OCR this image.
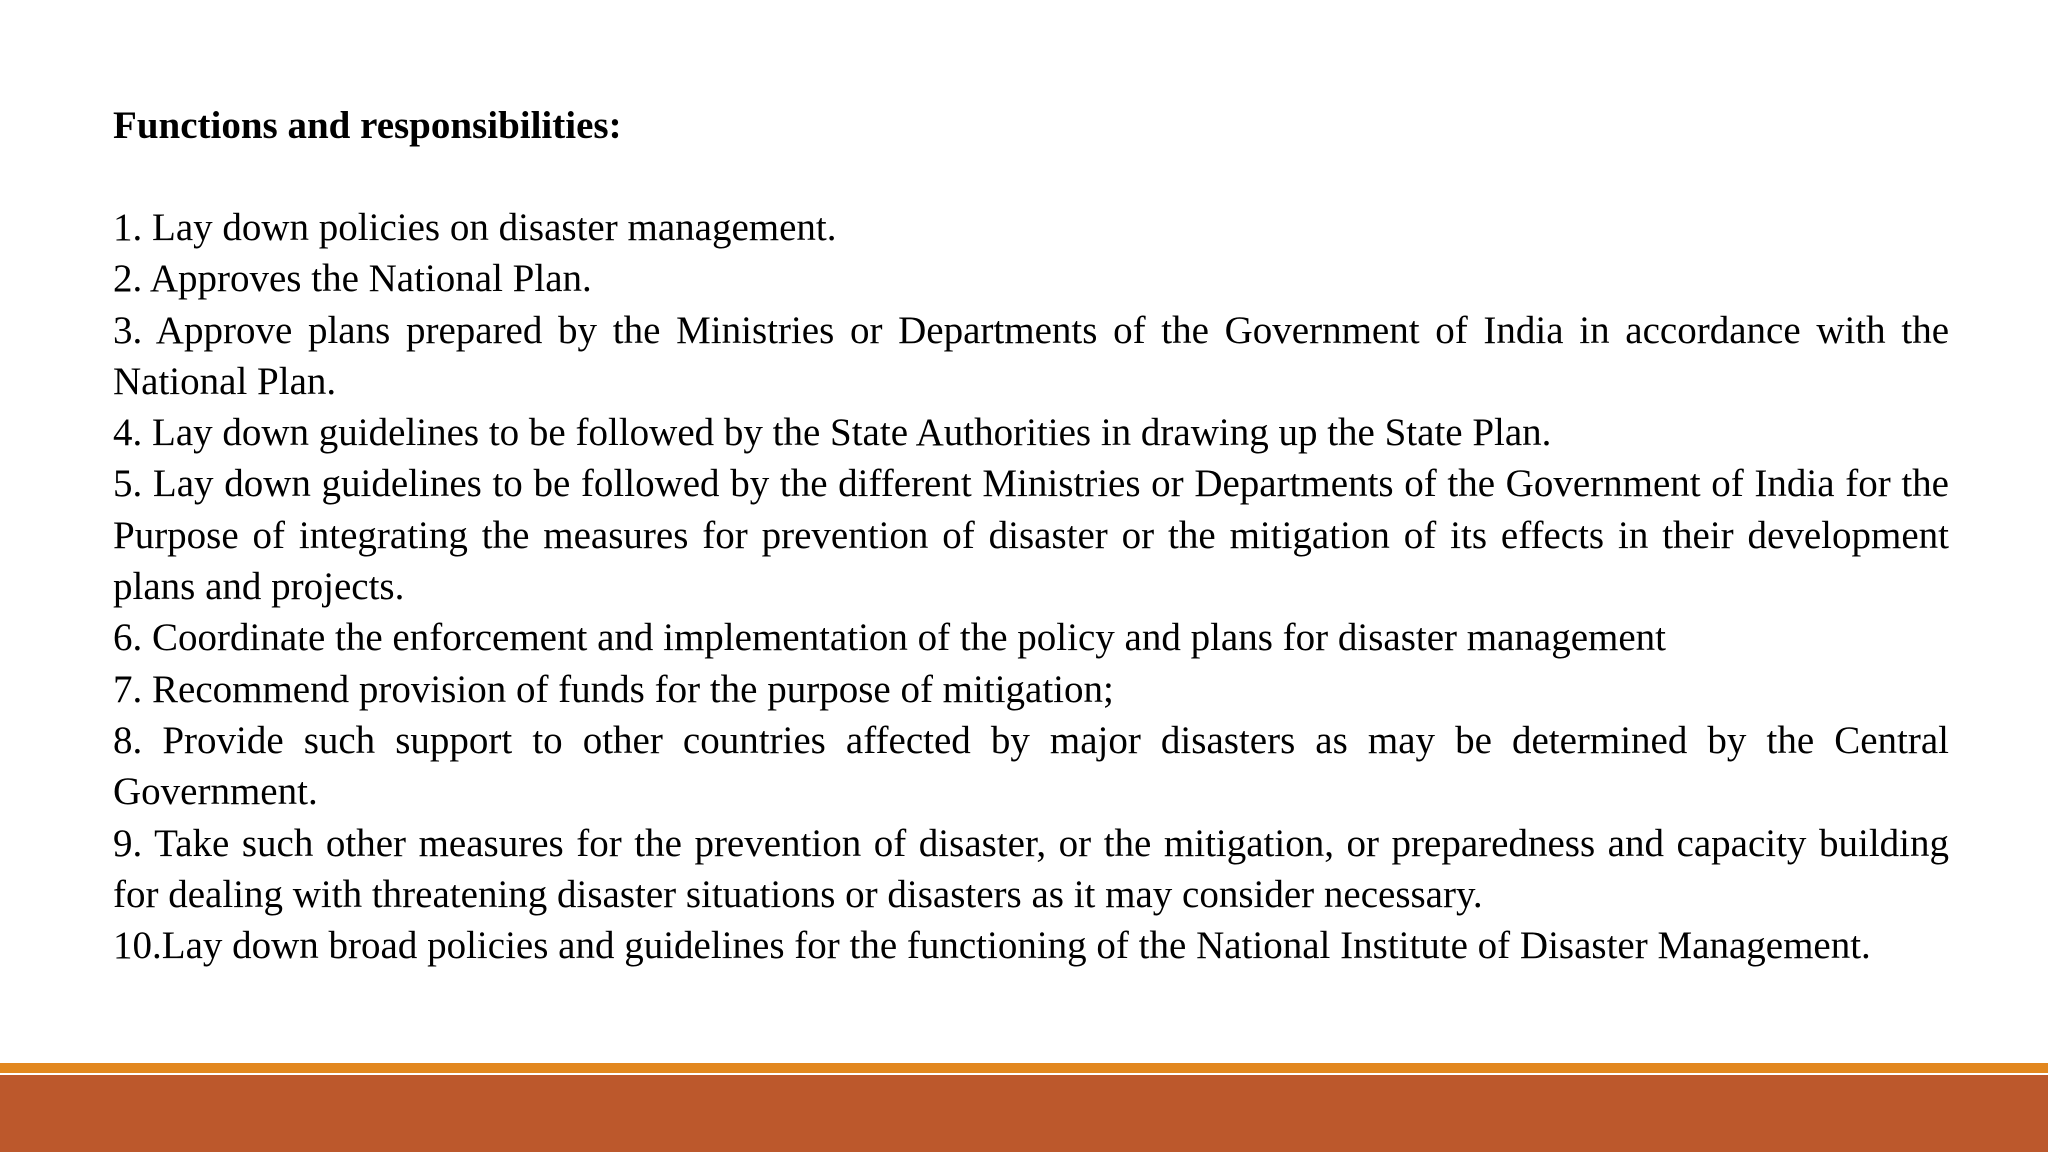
Functions and responsibilities:

1. Lay down policies on disaster management.

2. Approves the National Plan.

3. Approve plans prepared by the Ministries or Departments of the Government of India in accordance with the National Plan.

4. Lay down guidelines to be followed by the State Authorities in drawing up the State Plan.

5. Lay down guidelines to be followed by the different Ministries or Departments of the Government of India for the Purpose of integrating the measures for prevention of disaster or the mitigation of its effects in their development plans and projects.

6. Coordinate the enforcement and implementation of the policy and plans for disaster management

7. Recommend provision of funds for the purpose of mitigation;

8. Provide such support to other countries affected by major disasters as may be determined by the Central Government.

9. Take such other measures for the prevention of disaster, or the mitigation, or preparedness and capacity building for dealing with threatening disaster situations or disasters as it may consider necessary.

10.Lay down broad policies and guidelines for the functioning of the National Institute of Disaster Management.
